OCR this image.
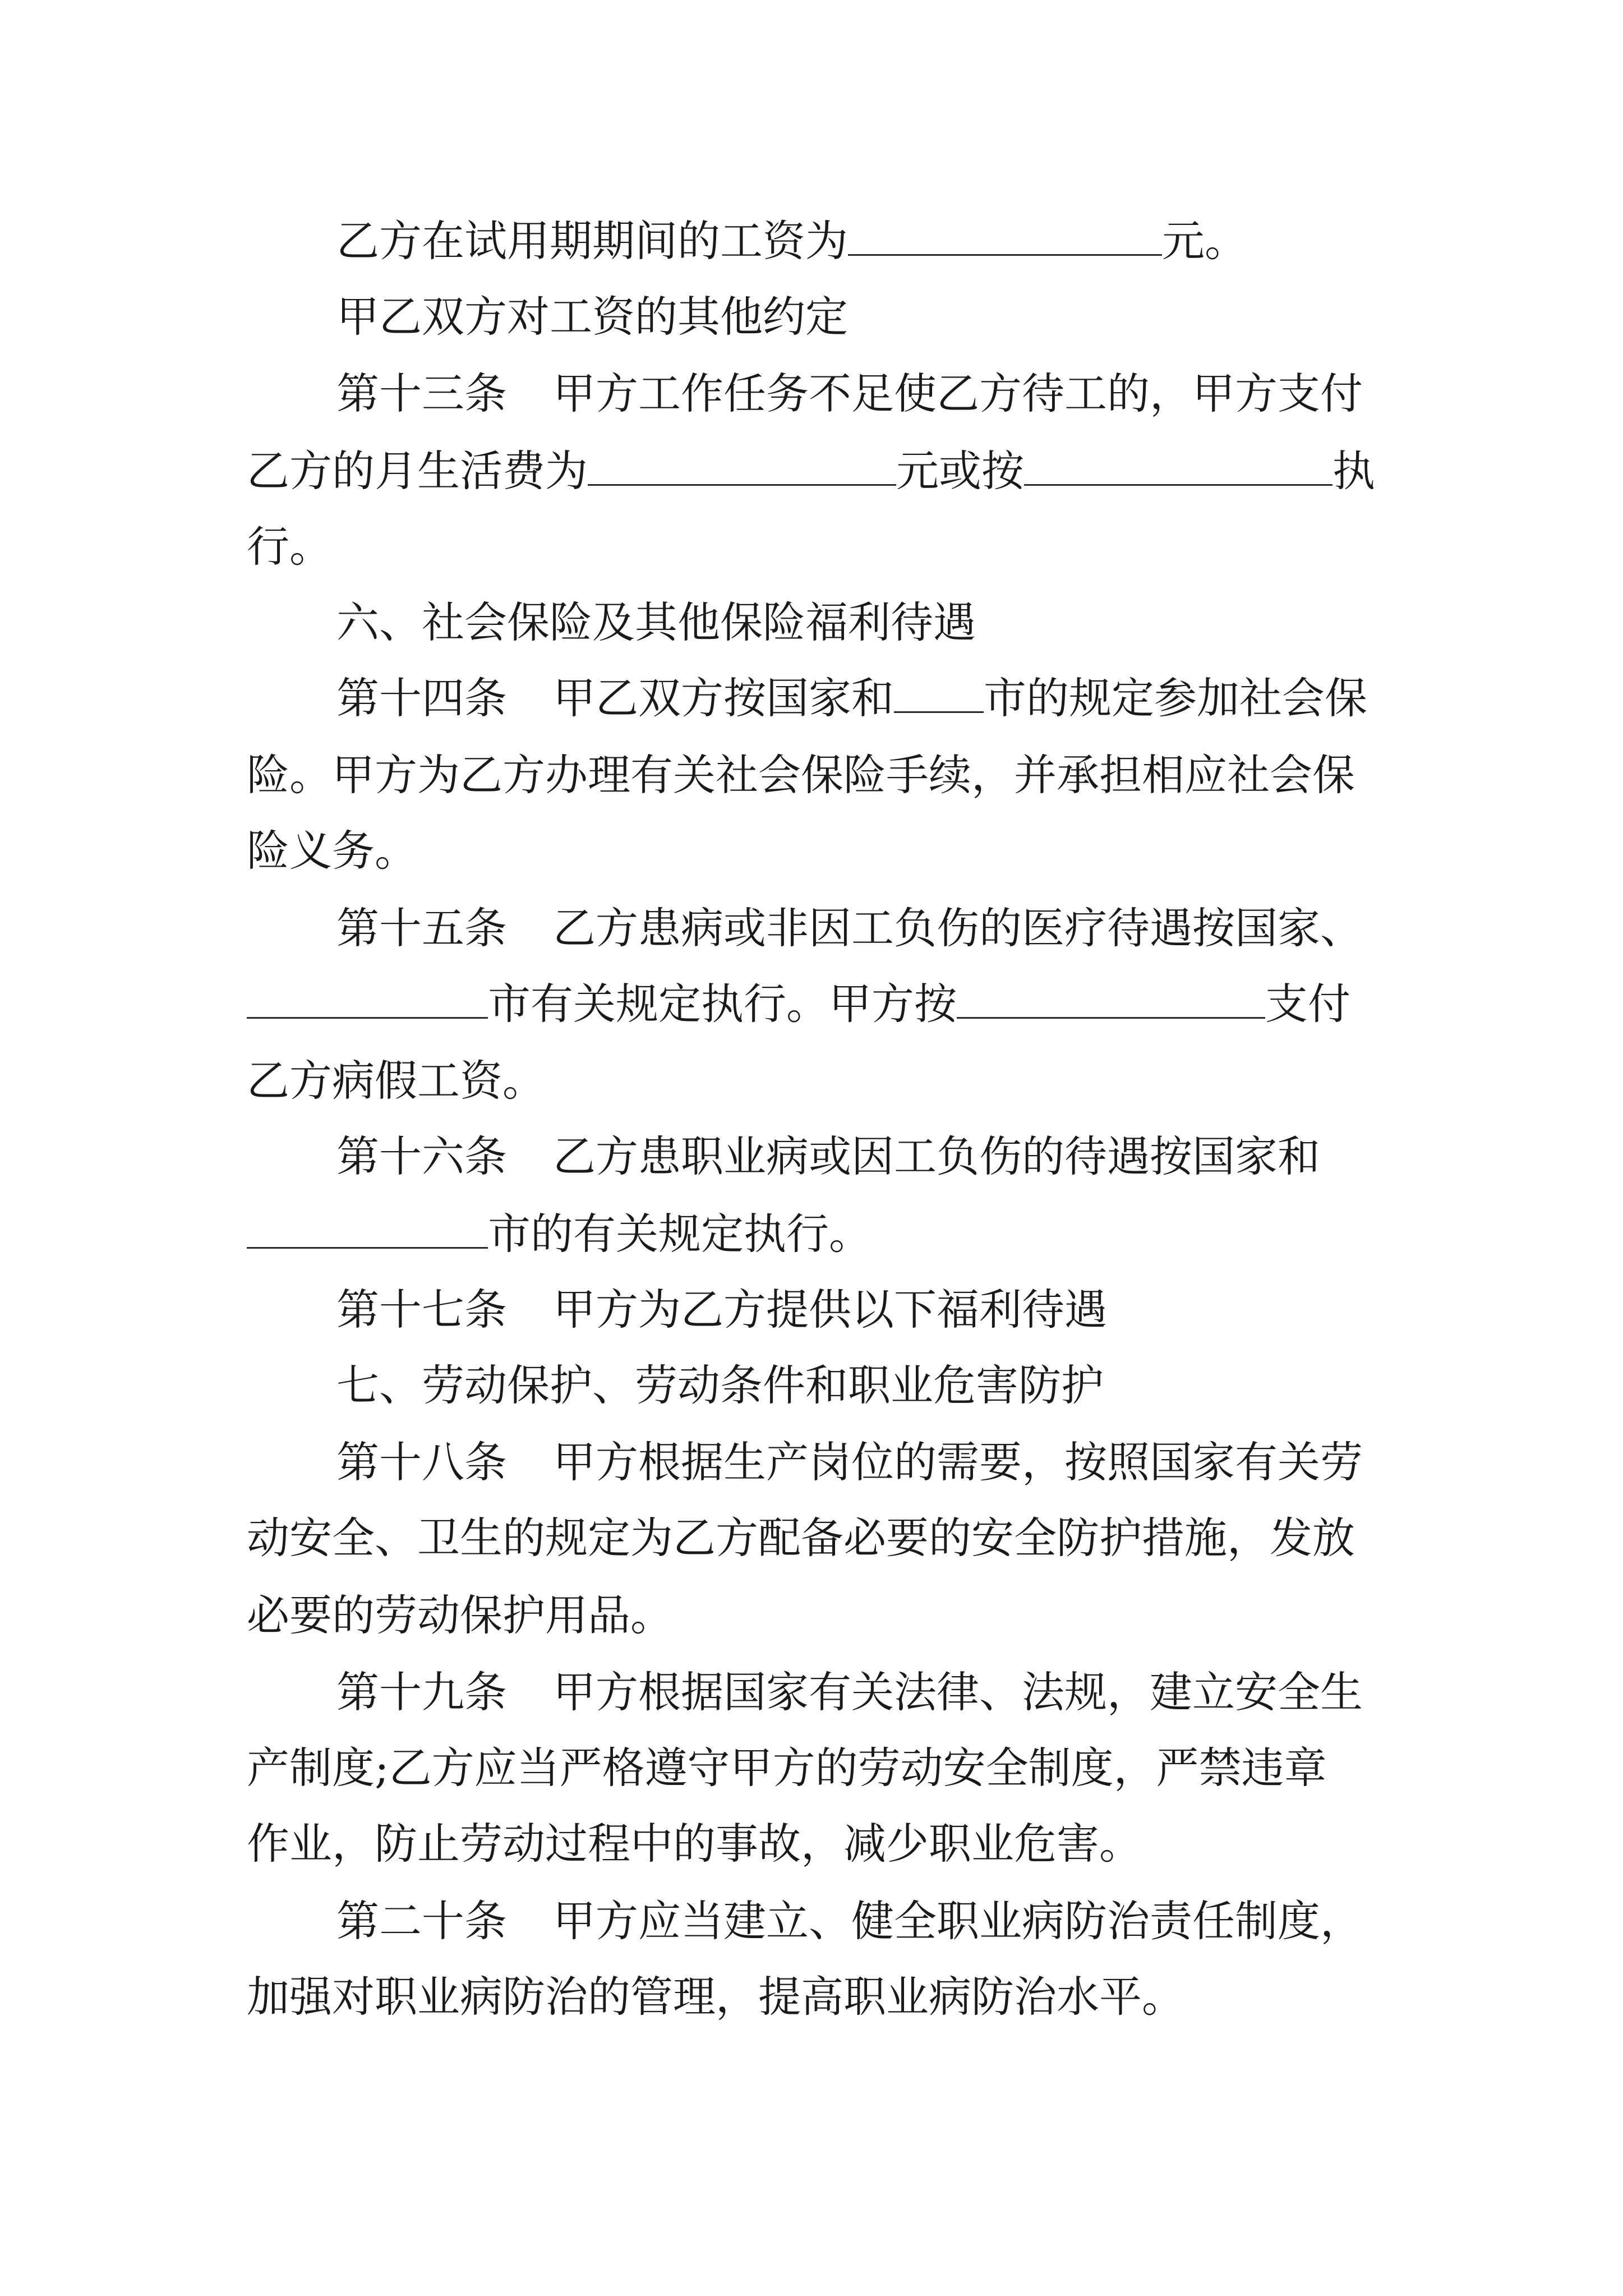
乙方在试用期期间的工资为	元。
甲乙双方对工资的其他约定
第十三条 甲方工作任务不足使乙方待工的，甲方支付
乙方的月生活费为	元或按	执
行。
六、社会保险及其他保险福利待遇
第十四条 甲乙双方按国家和 市的规定参加社会保
险。甲方为乙方办理有关社会保险手续，并承担相应社会保
险义务。
第十五条 乙方患病或非因工负伤的医疗待遇按国家、
市有关规定执行。甲方按	支付
乙方病假工资。
第十六条 乙方患职业病或因工负伤的待遇按国家和
市的有关规定执行。
第十七条 甲方为乙方提供以下福利待遇
七、劳动保护、劳动条件和职业危害防护
第十八条 甲方根据生产岗位的需要，按照国家有关劳
动安全、卫生的规定为乙方配备必要的安全防护措施，发放
必要的劳动保护用品。
第十九条 甲方根据国家有关法律、法规，建立安全生
产制度;乙方应当严格遵守甲方的劳动安全制度，严禁违章
作业，防止劳动过程中的事故，减少职业危害。
第二十条 甲方应当建立、健全职业病防治责任制度，
加强对职业病防治的管理，提高职业病防治水平。
